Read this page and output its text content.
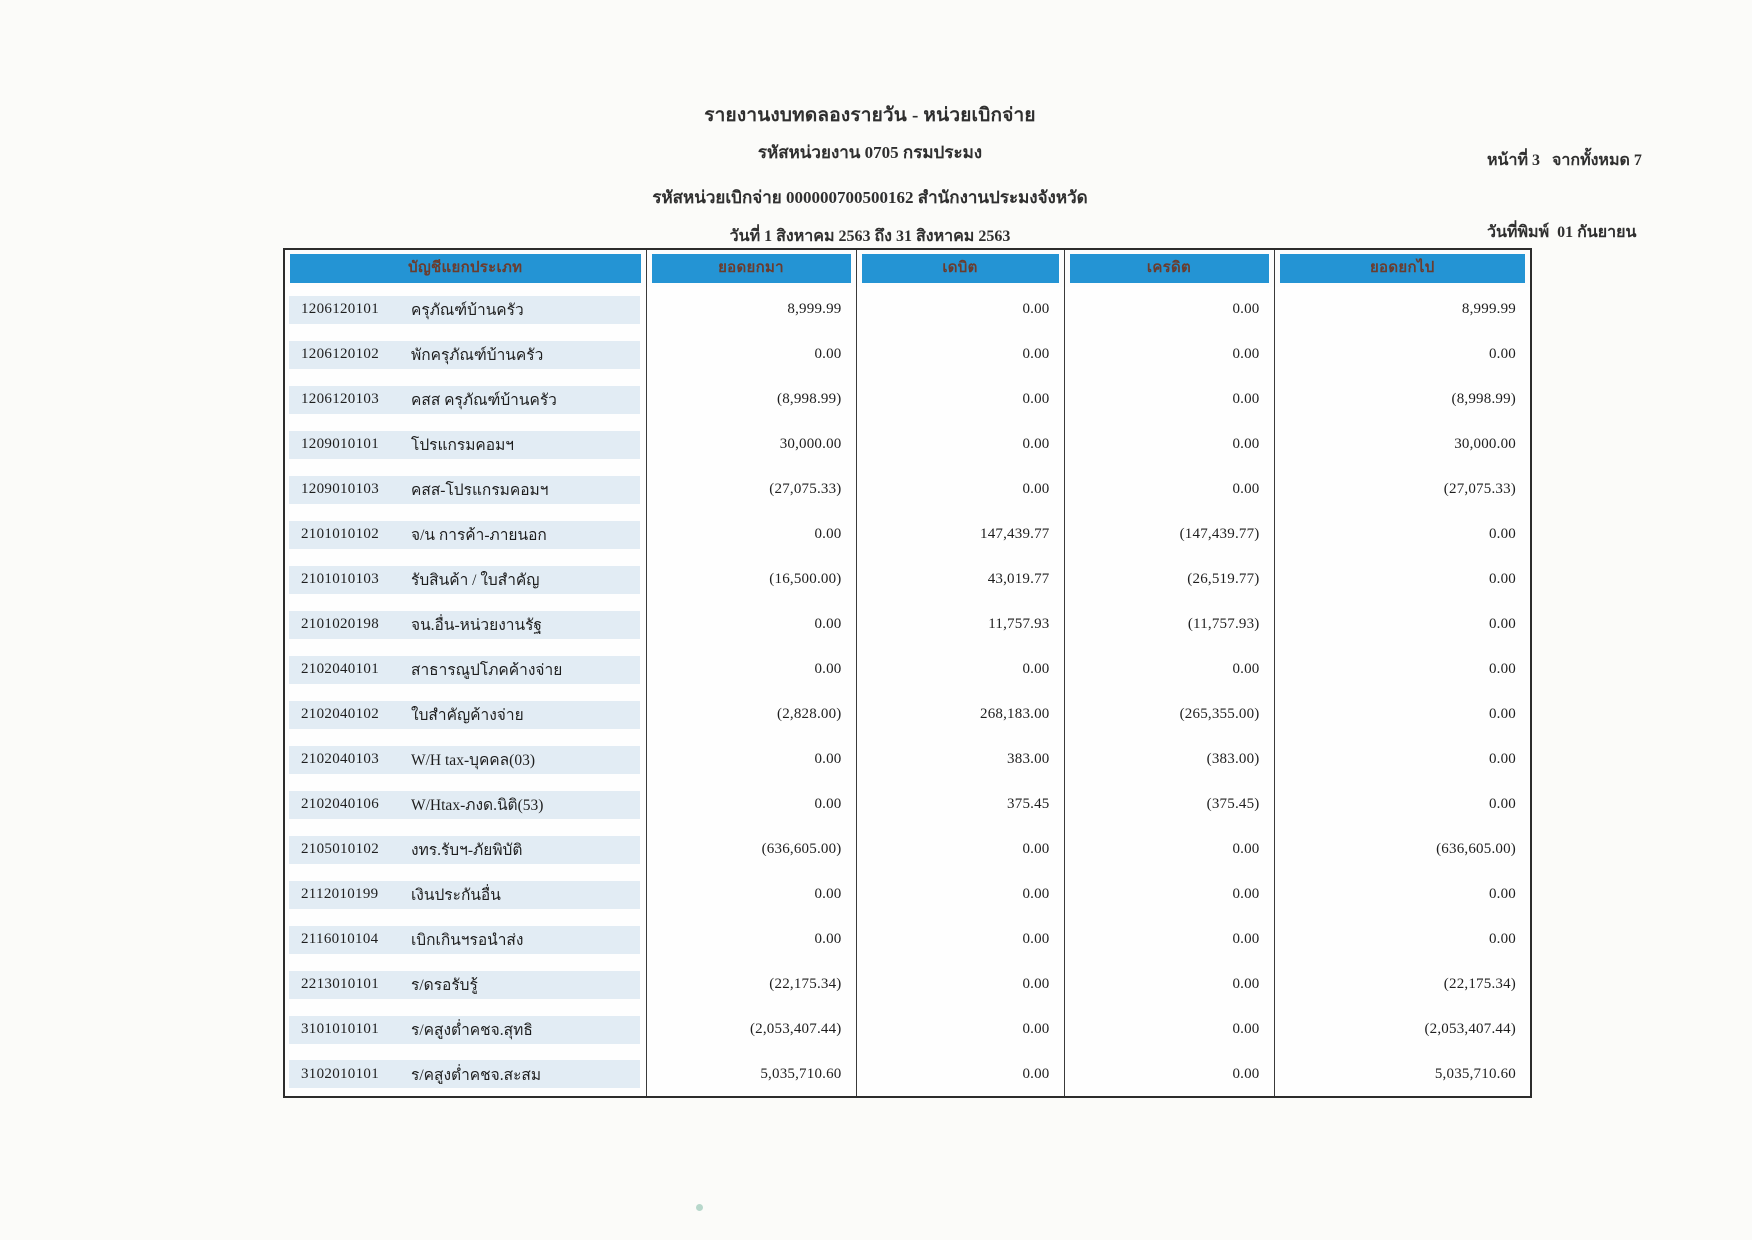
รายงานงบทดลองรายวัน - หน่วยเบิกจ่าย
รหัสหน่วยงาน 0705 กรมประมง
รหัสหน่วยเบิกจ่าย 000000700500162 สำนักงานประมงจังหวัด
วันที่ 1 สิงหาคม 2563 ถึง 31 สิงหาคม 2563

หน้าที่ 3   จากทั้งหมด 7

วันที่พิมพ์  01 กันยายน

บัญชีแยกประเภท	ยอดยกมา	เดบิต	เครดิต	ยอดยกไป

1206120101 ครุภัณฑ์บ้านครัว	8,999.99	0.00	0.00	8,999.99

1206120102 พักครุภัณฑ์บ้านครัว	0.00	0.00	0.00	0.00

1206120103 คสส ครุภัณฑ์บ้านครัว	(8,998.99)	0.00	0.00	(8,998.99)

1209010101 โปรแกรมคอมฯ	30,000.00	0.00	0.00	30,000.00

1209010103 คสส-โปรแกรมคอมฯ	(27,075.33)	0.00	0.00	(27,075.33)

2101010102 จ/น การค้า-ภายนอก	0.00	147,439.77	(147,439.77)	0.00

2101010103 รับสินค้า / ใบสำคัญ	(16,500.00)	43,019.77	(26,519.77)	0.00

2101020198 จน.อื่น-หน่วยงานรัฐ	0.00	11,757.93	(11,757.93)	0.00

2102040101 สาธารณูปโภคค้างจ่าย	0.00	0.00	0.00	0.00

2102040102 ใบสำคัญค้างจ่าย	(2,828.00)	268,183.00	(265,355.00)	0.00

2102040103 W/H tax-บุคคล(03)	0.00	383.00	(383.00)	0.00

2102040106 W/Htax-ภงด.นิติ(53)	0.00	375.45	(375.45)	0.00

2105010102 งทร.รับฯ-ภัยพิบัติ	(636,605.00)	0.00	0.00	(636,605.00)

2112010199 เงินประกันอื่น	0.00	0.00	0.00	0.00

2116010104 เบิกเกินฯรอนำส่ง	0.00	0.00	0.00	0.00

2213010101 ร/ดรอรับรู้	(22,175.34)	0.00	0.00	(22,175.34)

3101010101 ร/คสูงต่ำคชจ.สุทธิ	(2,053,407.44)	0.00	0.00	(2,053,407.44)

3102010101 ร/คสูงต่ำคชจ.สะสม	5,035,710.60	0.00	0.00	5,035,710.60
